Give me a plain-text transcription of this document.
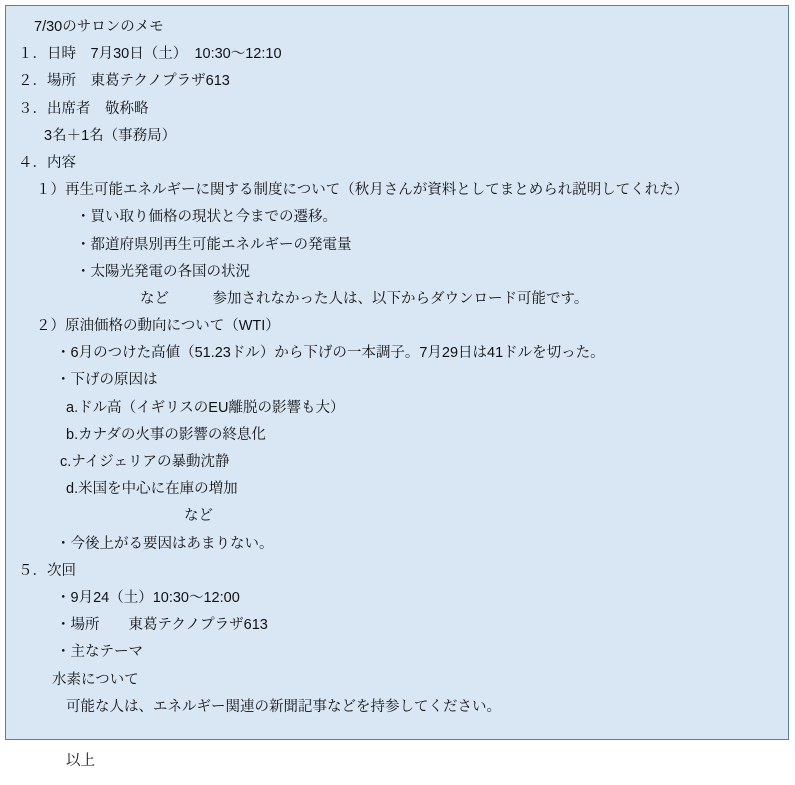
7/30のサロンのメモ
１．日時　7月30日（土）　10:30〜12:10
２．場所　東葛テクノプラザ613
３．出席者　敬称略
3名＋1名（事務局）
４．内容
１）再生可能エネルギーに関する制度について（秋月さんが資料としてまとめられ説明してくれた）
・買い取り価格の現状と今までの遷移。
・都道府県別再生可能エネルギーの発電量
・太陽光発電の各国の状況
など　　　参加されなかった人は、以下からダウンロード可能です。
２）原油価格の動向について（WTI）
・6月のつけた高値（51.23ドル）から下げの一本調子。7月29日は41ドルを切った。
・下げの原因は
a.ドル高（イギリスのEU離脱の影響も大）
b.カナダの火事の影響の終息化
c.ナイジェリアの暴動沈静
d.米国を中心に在庫の増加
など
・今後上がる要因はあまりない。
５．次回
・9月24（土）10:30〜12:00
・場所　　東葛テクノプラザ613
・主なテーマ
水素について
可能な人は、エネルギー関連の新聞記事などを持参してください。
以上
